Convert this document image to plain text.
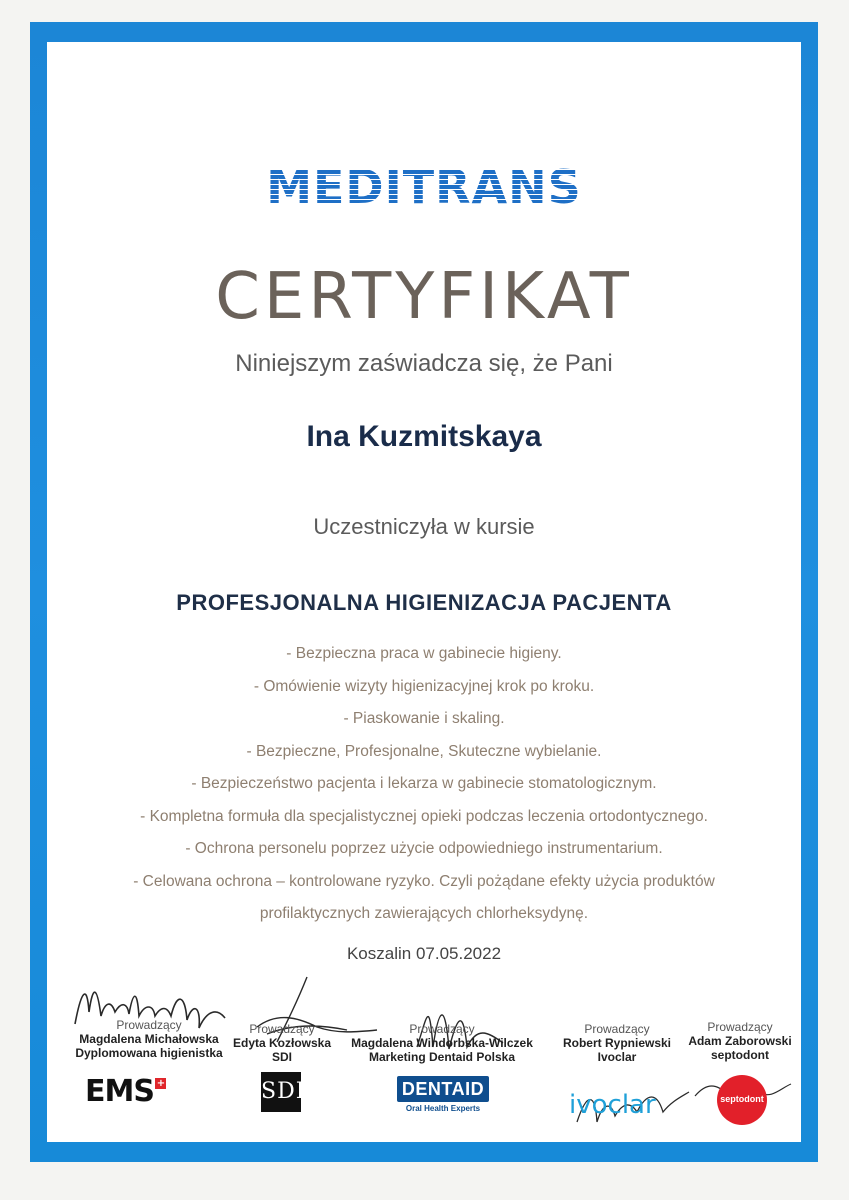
MEDITRANS
CERTYFIKAT
Niniejszym zaświadcza się, że Pani
Ina Kuzmitskaya
Uczestniczyła w kursie
PROFESJONALNA HIGIENIZACJA PACJENTA
- Bezpieczna praca w gabinecie higieny.
- Omówienie wizyty higienizacyjnej krok po kroku.
- Piaskowanie i skaling.
- Bezpieczne, Profesjonalne, Skuteczne wybielanie.
- Bezpieczeństwo pacjenta i lekarza w gabinecie stomatologicznym.
- Kompletna formuła dla specjalistycznej opieki podczas leczenia ortodontycznego.
- Ochrona personelu poprzez użycie odpowiedniego instrumentarium.
- Celowana ochrona – kontrolowane ryzyko. Czyli pożądane efekty użycia produktów
profilaktycznych zawierających chlorheksydynę.
Koszalin 07.05.2022
Prowadzący
Magdalena Michałowska
Dyplomowana higienistka
Prowadzący
Edyta Kozłowska
SDI
Prowadzący
Magdalena Windorbska-Wilczek
Marketing Dentaid Polska
Prowadzący
Robert Rypniewski
Ivoclar
Prowadzący
Adam Zaborowski
septodont
EMS +	SDI	DENTAID
Oral Health Experts	ivoclar	septodont
